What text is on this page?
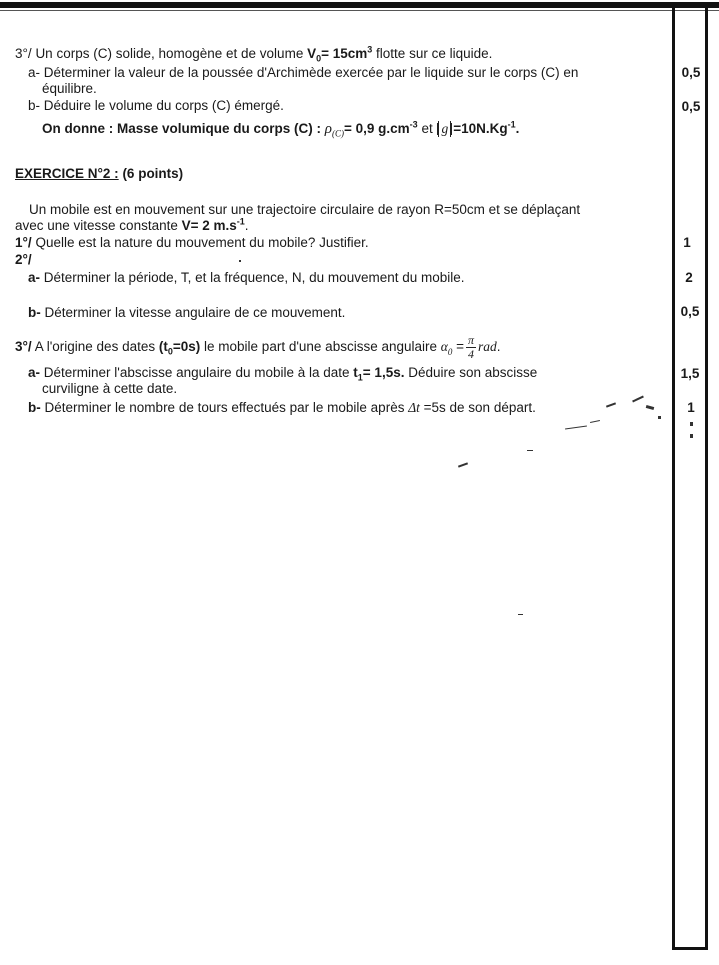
3°/ Un corps (C) solide, homogène et de volume $V_0= 15cm^3$ flotte sur ce liquide.
a- Déterminer la valeur de la poussée d'Archimède exercée par le liquide sur le corps (C) en	0,5
équilibre.
b- Déduire le volume du corps (C) émergé.	0,5
On donne : Masse volumique du corps (C) : $\rho_{(C)}= 0,9$ $g.cm^{-3}$ et $g =10N.Kg^{-1}$.
EXERCICE N°2 : (6 points)
Un mobile est en mouvement sur une trajectoire circulaire de rayon R=50cm et se déplaçant
avec une vitesse constante V= 2 $m.s^{-1}$.
1°/ Quelle est la nature du mouvement du mobile? Justifier.	1
2°/
a- Déterminer la période, T, et la fréquence, N, du mouvement du mobile.	2
b- Déterminer la vitesse angulaire de ce mouvement.	0,5
3°/ A l'origine des dates $(t_0=0s)$ le mobile part d'une abscisse angulaire $\alpha_0 = \frac{\pi}{4}$ rad.
a- Déterminer l'abscisse angulaire du mobile à la date $t_1= 1,5s$. Déduire son abscisse	1,5
curviligne à cette date.
b- Déterminer le nombre de tours effectués par le mobile après Δt =5s de son départ.	1
